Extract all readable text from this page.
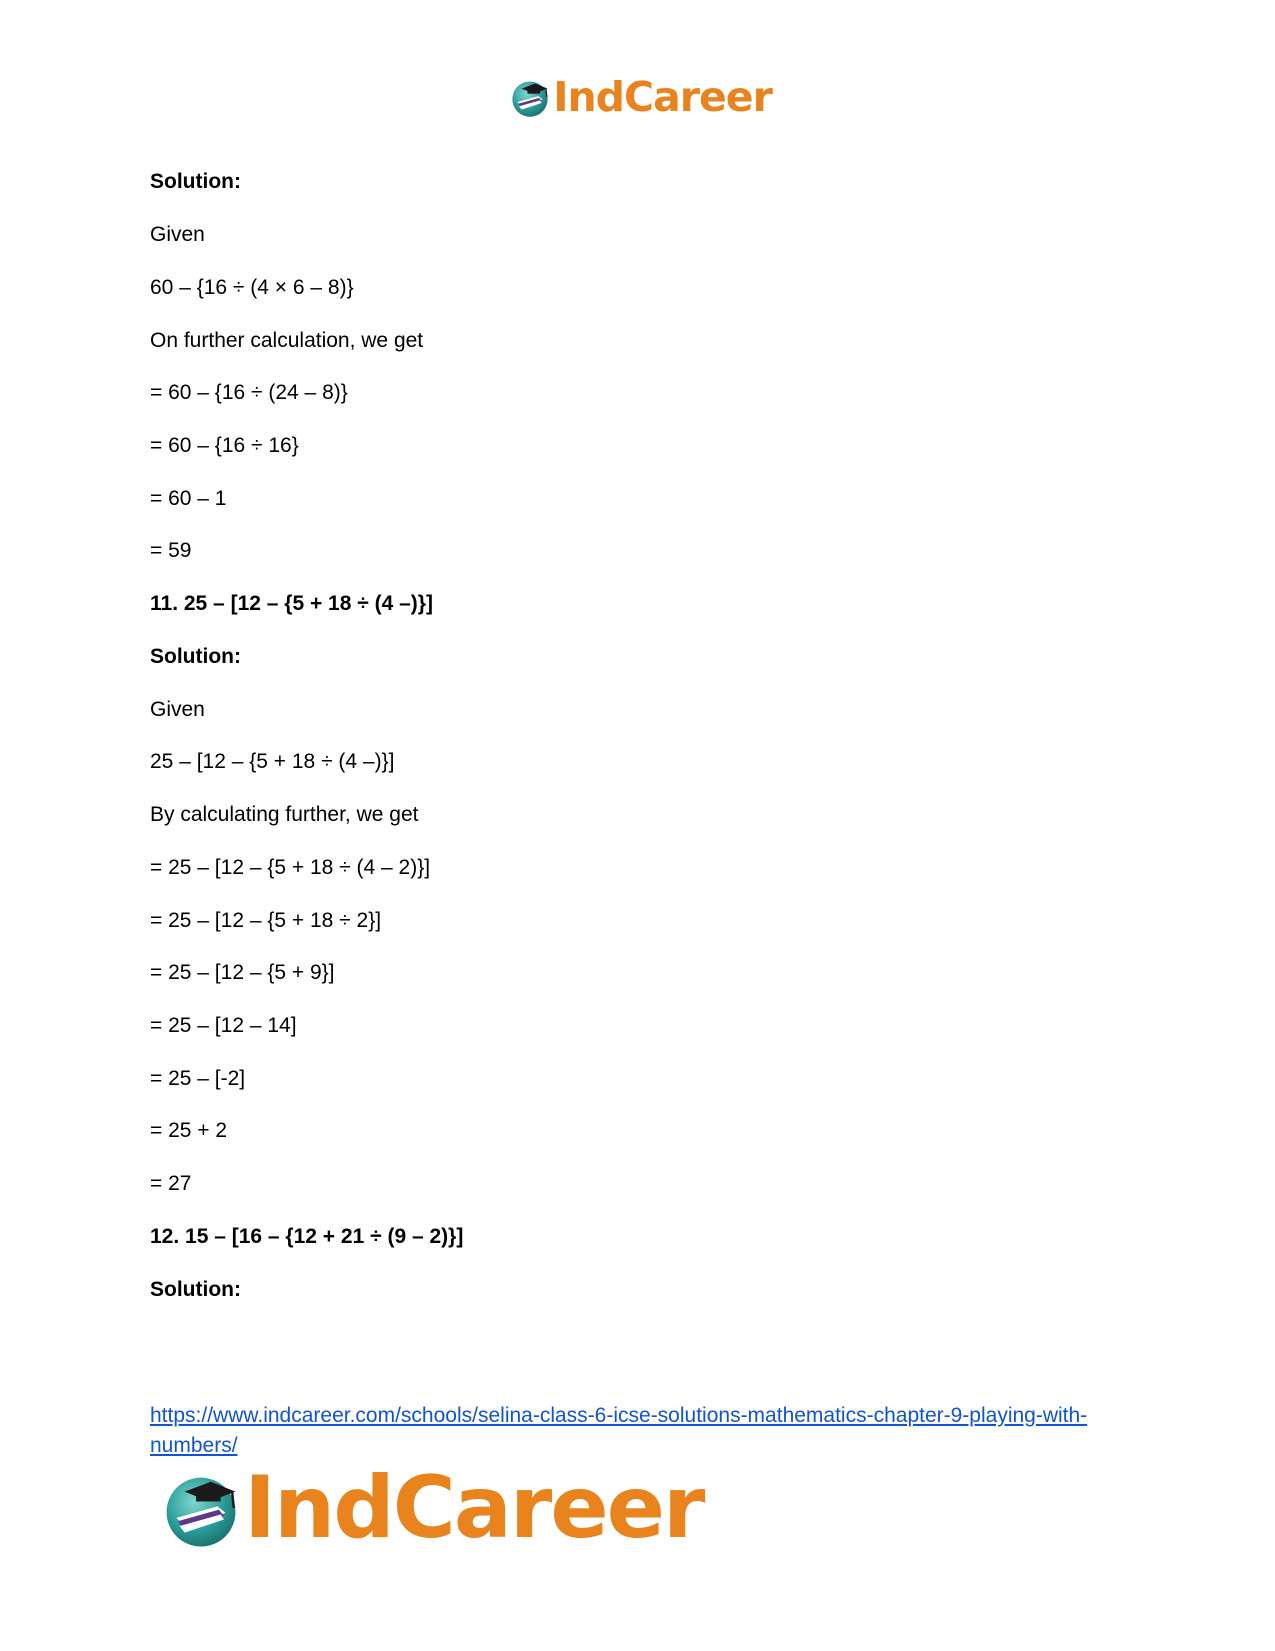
IndCareer
Solution:
Given
60 – {16 ÷ (4 × 6 – 8)}
On further calculation, we get
= 60 – {16 ÷ (24 – 8)}
= 60 – {16 ÷ 16}
= 60 – 1
= 59
11. 25 – [12 – {5 + 18 ÷ (4 –)}]
Solution:
Given
25 – [12 – {5 + 18 ÷ (4 –)}]
By calculating further, we get
= 25 – [12 – {5 + 18 ÷ (4 – 2)}]
= 25 – [12 – {5 + 18 ÷ 2}]
= 25 – [12 – {5 + 9}]
= 25 – [12 – 14]
= 25 – [-2]
= 25 + 2
= 27
12. 15 – [16 – {12 + 21 ÷ (9 – 2)}]
Solution:
https://www.indcareer.com/schools/selina-class-6-icse-solutions-mathematics-chapter-9-playing-with-numbers/
IndCareer
